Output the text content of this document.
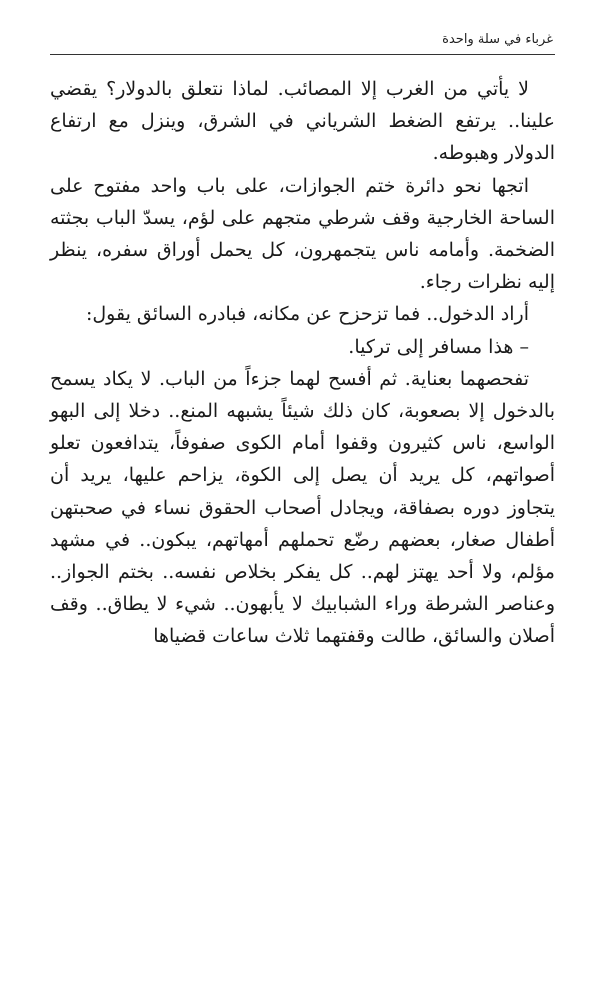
غرباء في سلة واحدة

لا يأتي من الغرب إلا المصائب. لماذا نتعلق بالدولار؟ يقضي علينا.. يرتفع الضغط الشرياني في الشرق، وينزل مع ارتفاع الدولار وهبوطه.

اتجها نحو دائرة ختم الجوازات، على باب واحد مفتوح على الساحة الخارجية وقف شرطي متجهم على لؤم، يسدّ الباب بجثته الضخمة. وأمامه ناس يتجمهرون، كل يحمل أوراق سفره، ينظر إليه نظرات رجاء.

أراد الدخول.. فما تزحزح عن مكانه، فبادره السائق يقول:

– هذا مسافر إلى تركيا.

تفحصهما بعناية. ثم أفسح لهما جزءاً من الباب. لا يكاد يسمح بالدخول إلا بصعوبة، كان ذلك شيئاً يشبهه المنع.. دخلا إلى البهو الواسع، ناس كثيرون وقفوا أمام الكوى صفوفاً، يتدافعون تعلو أصواتهم، كل يريد أن يصل إلى الكوة، يزاحم عليها، يريد أن يتجاوز دوره بصفاقة، ويجادل أصحاب الحقوق نساء في صحبتهن أطفال صغار، بعضهم رضّع تحملهم أمهاتهم، يبكون.. في مشهد مؤلم، ولا أحد يهتز لهم.. كل يفكر بخلاص نفسه.. بختم الجواز.. وعناصر الشرطة وراء الشبابيك لا يأبهون.. شيء لا يطاق.. وقف أصلان والسائق، طالت وقفتهما ثلاث ساعات قضياها
